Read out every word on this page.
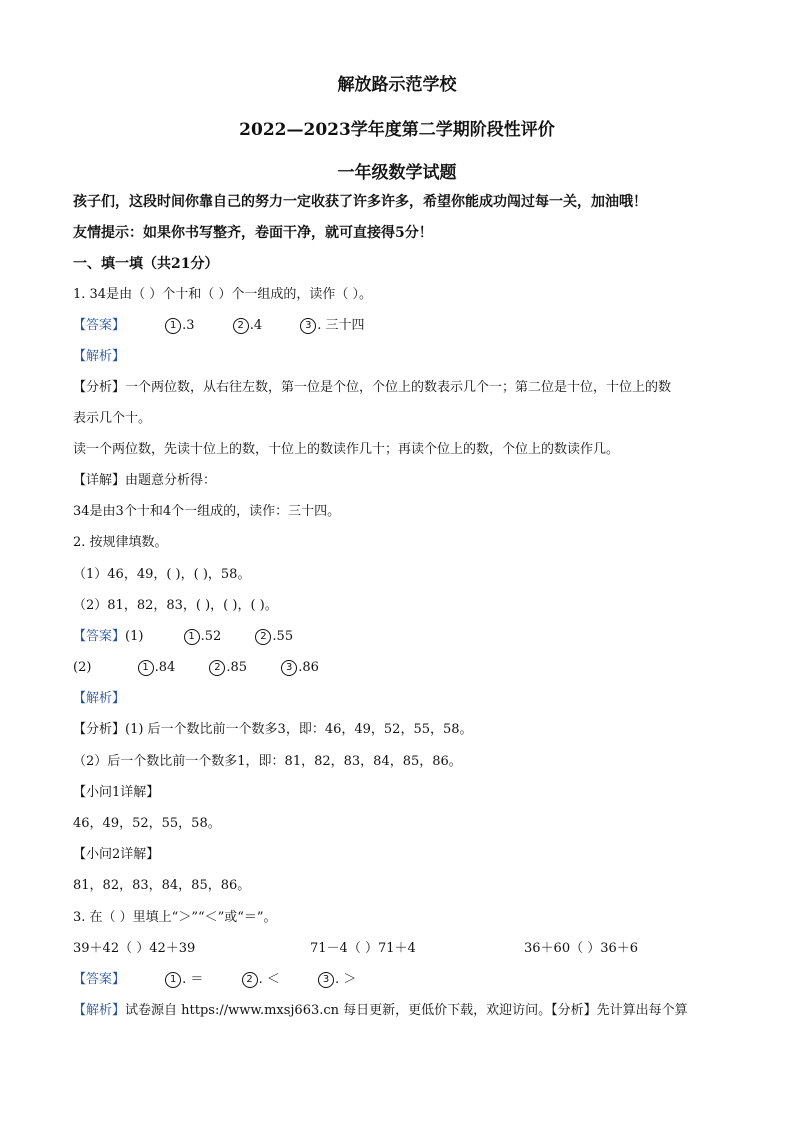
解放路示范学校
2022—2023学年度第二学期阶段性评价
一年级数学试题
孩子们，这段时间你靠自己的努力一定收获了许多许多，希望你能成功闯过每一关，加油哦！
友情提示：如果你书写整齐，卷面干净，就可直接得5分！
一、填一填（共21分）
1. 34是由（ ）个十和（ ）个一组成的，读作（ ）。
【答案】	1 .3	2 .4	3 . 三十四
【解析】
【分析】一个两位数，从右往左数，第一位是个位，个位上的数表示几个一；第二位是十位，十位上的数
表示几个十。
读一个两位数，先读十位上的数，十位上的数读作几十；再读个位上的数，个位上的数读作几。
【详解】由题意分析得：
34是由3个十和4个一组成的，读作：三十四。
2. 按规律填数。
（1）46，49，( )，( )，58。
（2）81，82，83，( )，( )，( )。
【答案】(1)	1 .52	2 .55
(2)	1 .84	2 .85	3 .86
【解析】
【分析】(1) 后一个数比前一个数多3，即：46，49，52，55，58。
（2）后一个数比前一个数多1，即：81，82，83，84，85，86。
【小问1详解】
46，49，52，55，58。
【小问2详解】
81，82，83，84，85，86。
3. 在（ ）里填上“＞”“＜”或“＝”。
39＋42（ ）42＋39	71－4（ ）71＋4	36＋60（ ）36＋6
【答案】	1 . ＝	2 . ＜	3 . ＞
【解析】试卷源自 https://www.mxsj663.cn 每日更新，更低价下载，欢迎访问。【分析】先计算出每个算
